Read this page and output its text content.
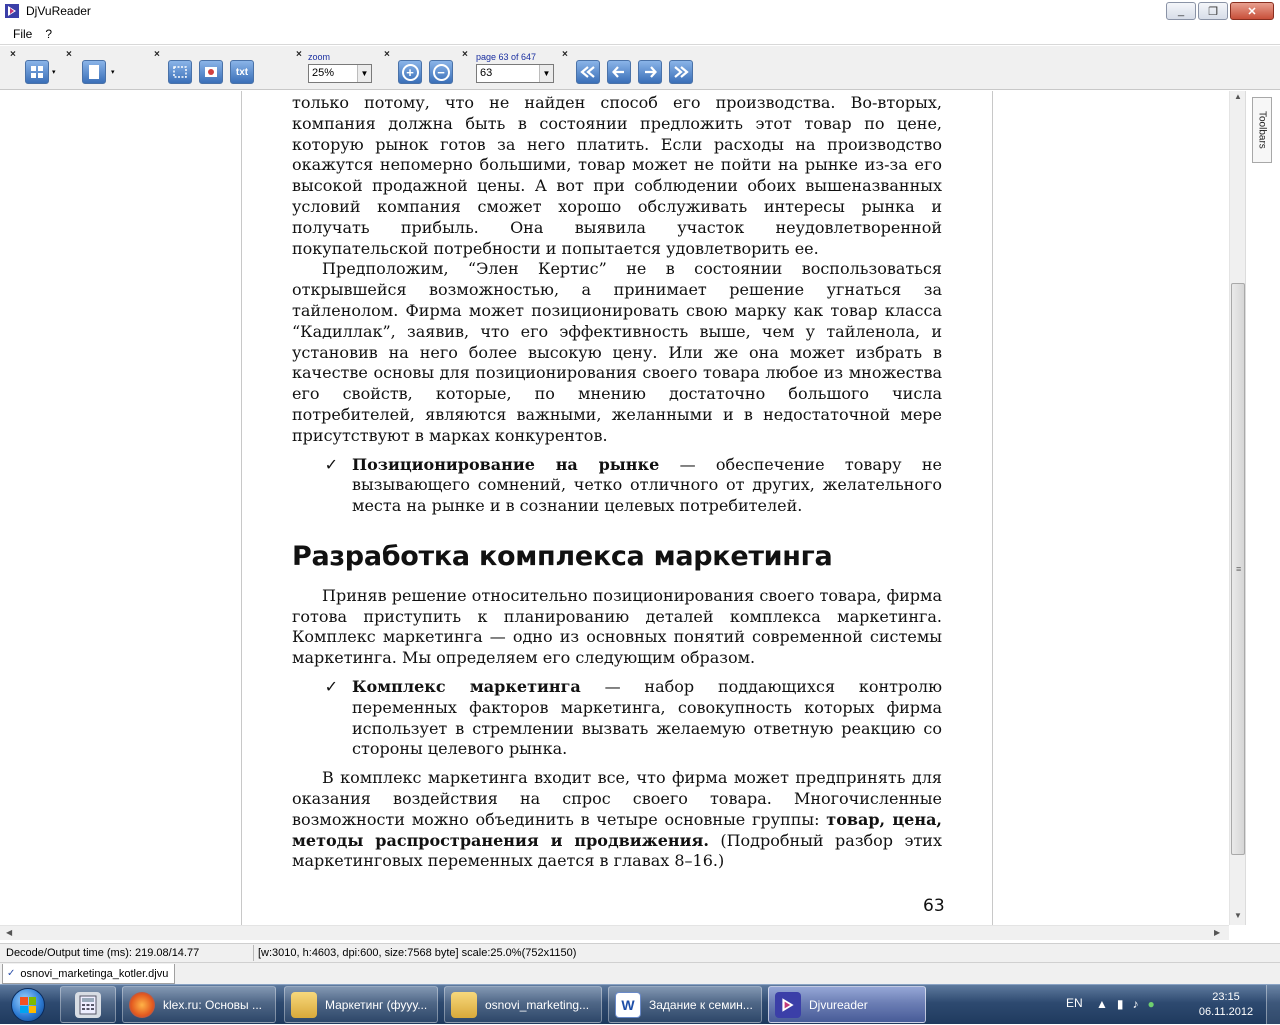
DjVuReader	_	❐	✕
File	?
×
▾
×
▾
×
txt
× zoom
25%	▼
×
+	−
× page 63 of 647
63	▼
×

только потому, что не найден способ его производства. Во-вторых, компания должна быть в состоянии предложить этот товар по цене, которую рынок готов за него платить. Если расходы на производство окажутся непомерно большими, товар может не пойти на рынке из-за его высокой продажной цены. А вот при соблюдении обоих вышеназванных условий компания сможет хорошо обслуживать интересы рынка и получать прибыль. Она выявила участок неудовлетворенной покупательской потребности и попытается удовлетворить ее.

Предположим, “Элен Кертис” не в состоянии воспользоваться открывшейся возможностью, а принимает решение угнаться за тайленолом. Фирма может позиционировать свою марку как товар класса “Кадиллак”, заявив, что его эффективность выше, чем у тайленола, и установив на него более высокую цену. Или же она может избрать в качестве основы для позиционирования своего товара любое из множества его свойств, которые, по мнению достаточно большого числа потребителей, являются важными, желанными и в недостаточной мере присутствуют в марках конкурентов.

✓ Позиционирование на рынке — обеспечение товару не вызывающего сомнений, четко отличного от других, желательного места на рынке и в сознании целевых потребителей.
Разработка комплекса маркетинга

Приняв решение относительно позиционирования своего товара, фирма готова приступить к планированию деталей комплекса маркетинга. Комплекс маркетинга — одно из основных понятий современной системы маркетинга. Мы определяем его следующим образом.

✓ Комплекс маркетинга — набор поддающихся контролю переменных факторов маркетинга, совокупность которых фирма использует в стремлении вызвать желаемую ответную реакцию со стороны целевого рынка.

В комплекс маркетинга входит все, что фирма может предпринять для оказания воздействия на спрос своего товара. Многочисленные возможности можно объединить в четыре основные группы: товар, цена, методы распространения и продвижения. (Подробный разбор этих маркетинговых переменных дается в главах 8–16.)

63
▲
≡
▼
Toolbars
◀	▶
Decode/Output time (ms): 219.08/14.77	[w:3010, h:4603, dpi:600, size:7568 byte] scale:25.0%(752x1150)
✓ osnovi_marketinga_kotler.djvu
klex.ru: Основы ...	Маркетинг (фууу...	osnovi_marketing...	W	Задание к семин...	Djvureader	EN ▲ ▮ ♪ ●	23:15
06.11.2012
